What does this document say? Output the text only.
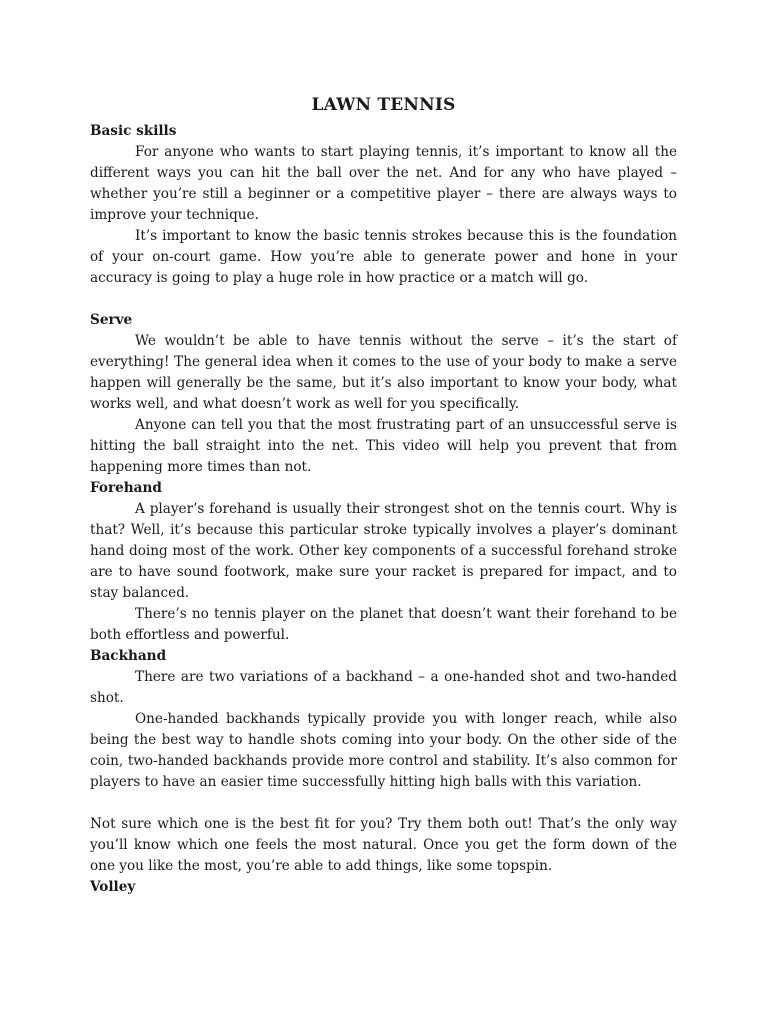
LAWN TENNIS
Basic skills

For anyone who wants to start playing tennis, it’s important to know all the different ways you can hit the ball over the net. And for any who have played – whether you’re still a beginner or a competitive player – there are always ways to improve your technique.

It’s important to know the basic tennis strokes because this is the foundation of your on-court game. How you’re able to generate power and hone in your accuracy is going to play a huge role in how practice or a match will go.

Serve

We wouldn’t be able to have tennis without the serve – it’s the start of everything! The general idea when it comes to the use of your body to make a serve happen will generally be the same, but it’s also important to know your body, what works well, and what doesn’t work as well for you specifically.

Anyone can tell you that the most frustrating part of an unsuccessful serve is hitting the ball straight into the net. This video will help you prevent that from happening more times than not.

Forehand

A player’s forehand is usually their strongest shot on the tennis court. Why is that? Well, it’s because this particular stroke typically involves a player’s dominant hand doing most of the work. Other key components of a successful forehand stroke are to have sound footwork, make sure your racket is prepared for impact, and to stay balanced.

There’s no tennis player on the planet that doesn’t want their forehand to be both effortless and powerful.

Backhand

There are two variations of a backhand – a one-handed shot and two-handed shot.

One-handed backhands typically provide you with longer reach, while also being the best way to handle shots coming into your body. On the other side of the coin, two-handed backhands provide more control and stability. It’s also common for players to have an easier time successfully hitting high balls with this variation.

Not sure which one is the best fit for you? Try them both out! That’s the only way you’ll know which one feels the most natural. Once you get the form down of the one you like the most, you’re able to add things, like some topspin.

Volley
